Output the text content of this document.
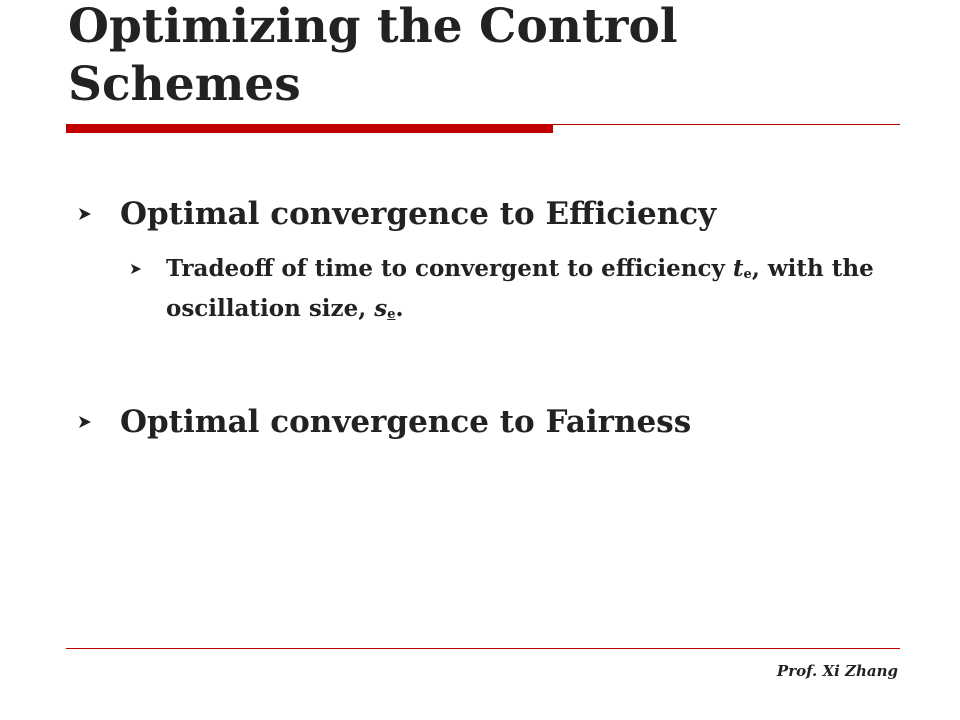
Optimizing the Control
Schemes
Optimal convergence to Efficiency
Tradeoff of time to convergent to efficiency $t_e$, with the oscillation size, $s_e$.
Optimal convergence to Fairness
Prof. Xi Zhang
